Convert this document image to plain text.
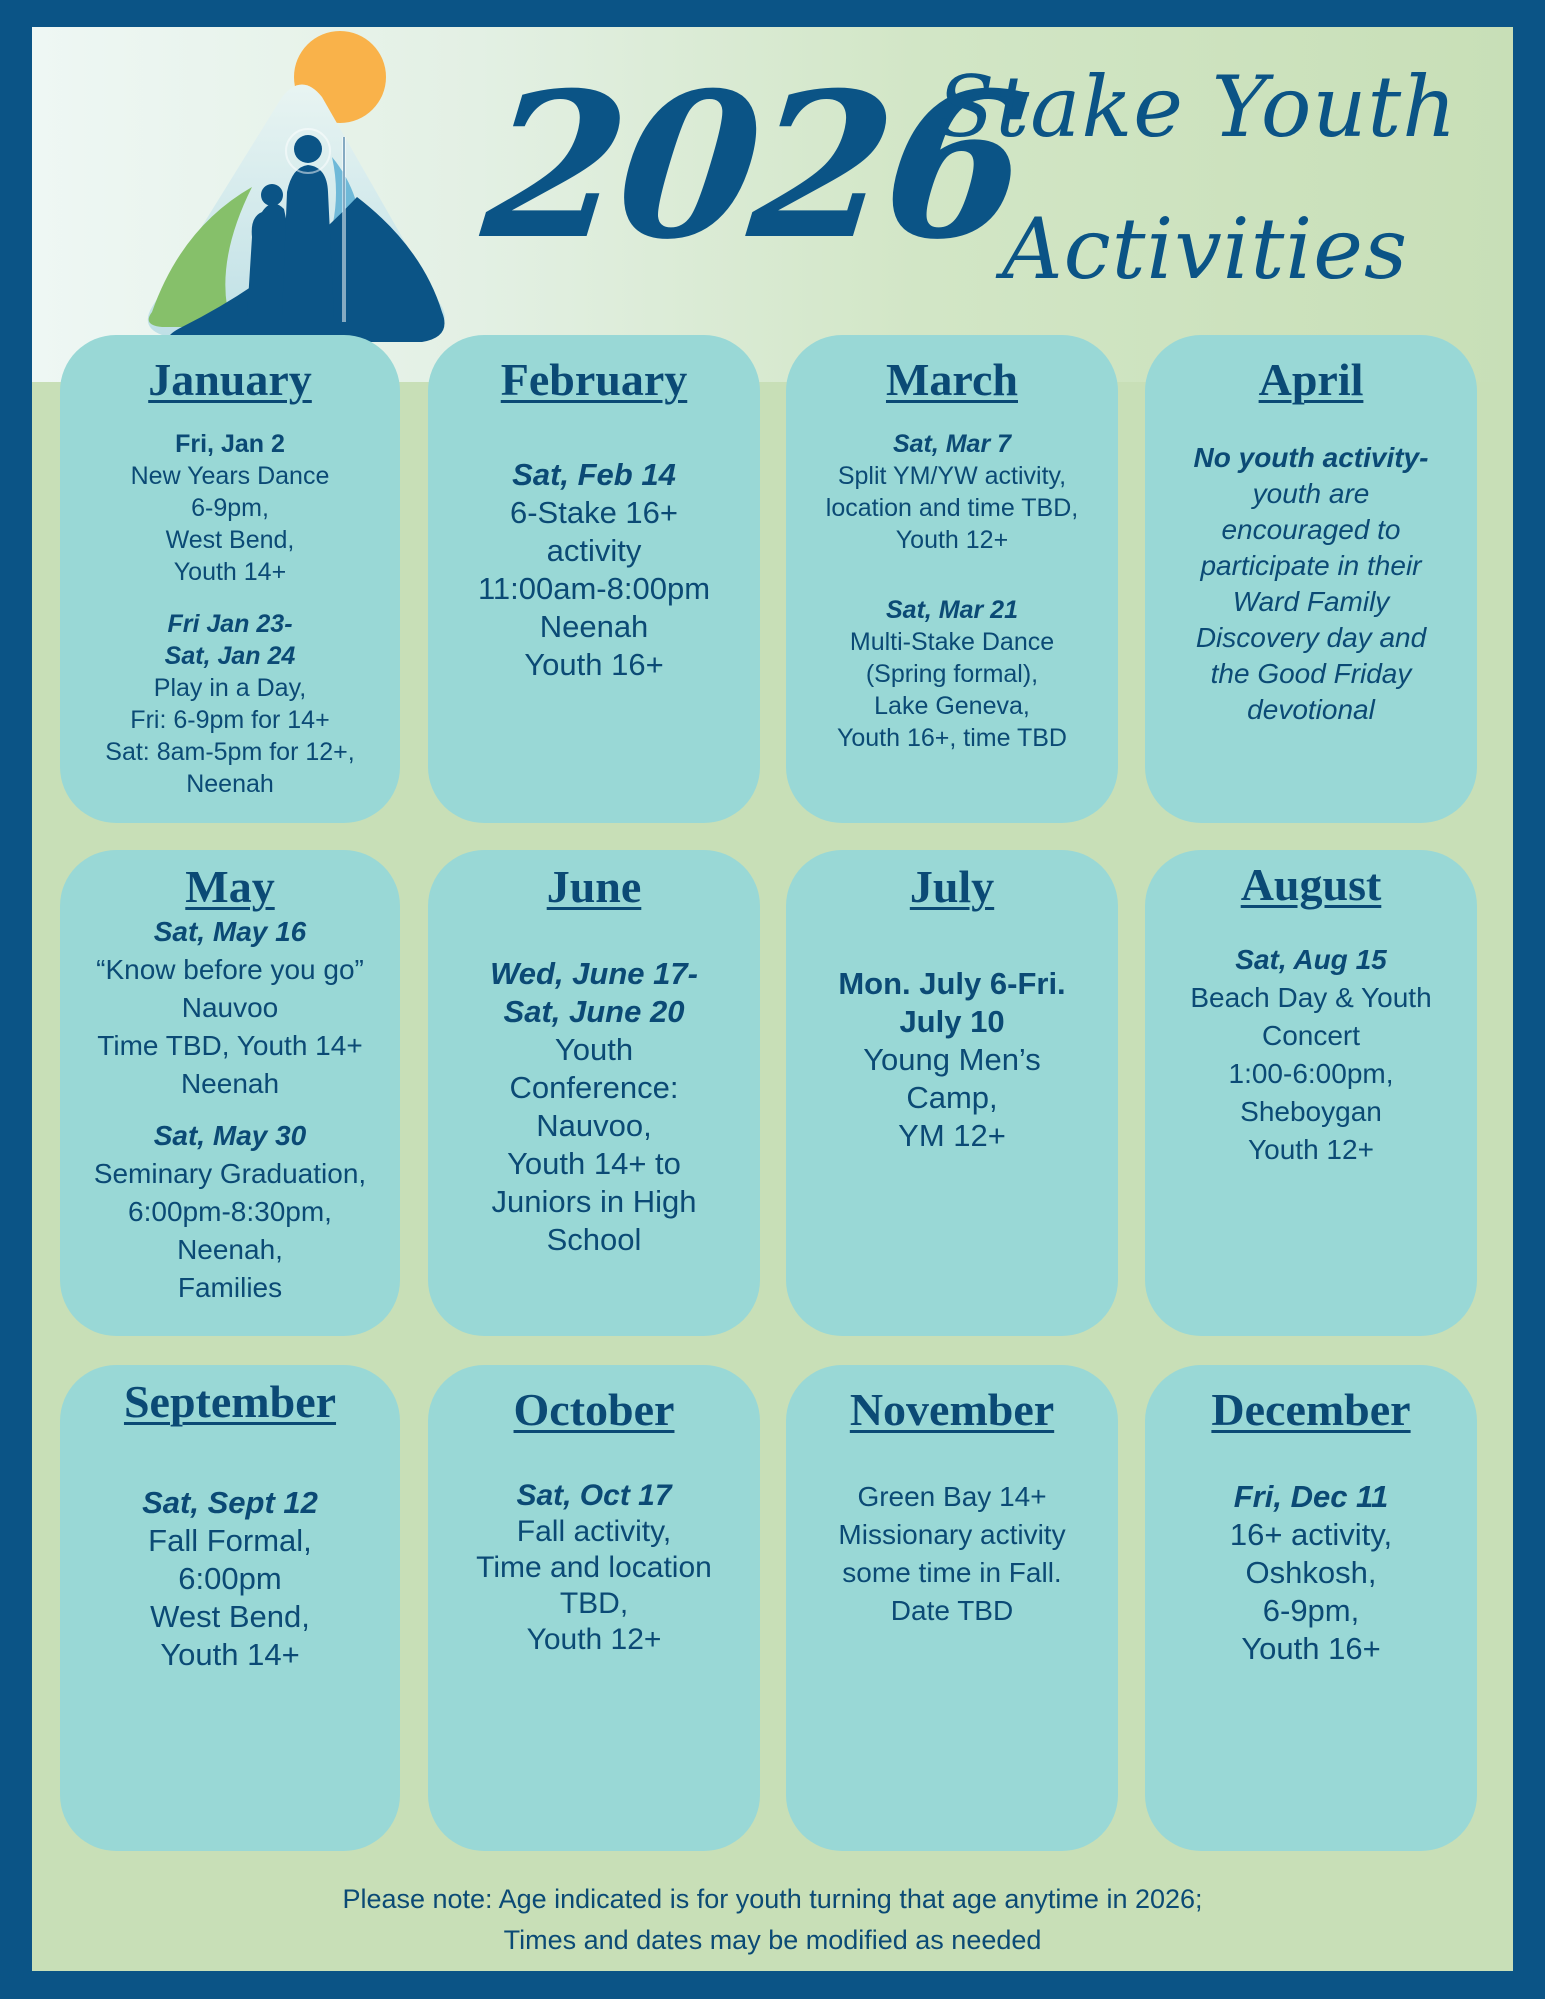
2026
Stake Youth
Activities
January

Fri, Jan 2

New Years Dance

6-9pm,

West Bend,

Youth 14+

Fri Jan 23-

Sat, Jan 24

Play in a Day,

Fri: 6-9pm for 14+

Sat: 8am-5pm for 12+,

Neenah

February

Sat, Feb 14

6-Stake 16+

activity

11:00am-8:00pm

Neenah

Youth 16+

March

Sat, Mar 7

Split YM/YW activity,

location and time TBD,

Youth 12+

Sat, Mar 21

Multi-Stake Dance

(Spring formal),

Lake Geneva,

Youth 16+, time TBD

April

No youth activity-

youth are

encouraged to

participate in their

Ward Family

Discovery day and

the Good Friday

devotional

May

Sat, May 16

“Know before you go”

Nauvoo

Time TBD, Youth 14+

Neenah

Sat, May 30

Seminary Graduation,

6:00pm-8:30pm,

Neenah,

Families

June

Wed, June 17-

Sat, June 20

Youth

Conference:

Nauvoo,

Youth 14+ to

Juniors in High

School

July

Mon. July 6-Fri.

July 10

Young Men’s

Camp,

YM 12+

August

Sat, Aug 15

Beach Day & Youth

Concert

1:00-6:00pm,

Sheboygan

Youth 12+

September

Sat, Sept 12

Fall Formal,

6:00pm

West Bend,

Youth 14+

October

Sat, Oct 17

Fall activity,

Time and location

TBD,

Youth 12+

November

Green Bay 14+

Missionary activity

some time in Fall.

Date TBD

December

Fri, Dec 11

16+ activity,

Oshkosh,

6-9pm,

Youth 16+

Please note: Age indicated is for youth turning that age anytime in 2026;
Times and dates may be modified as needed
